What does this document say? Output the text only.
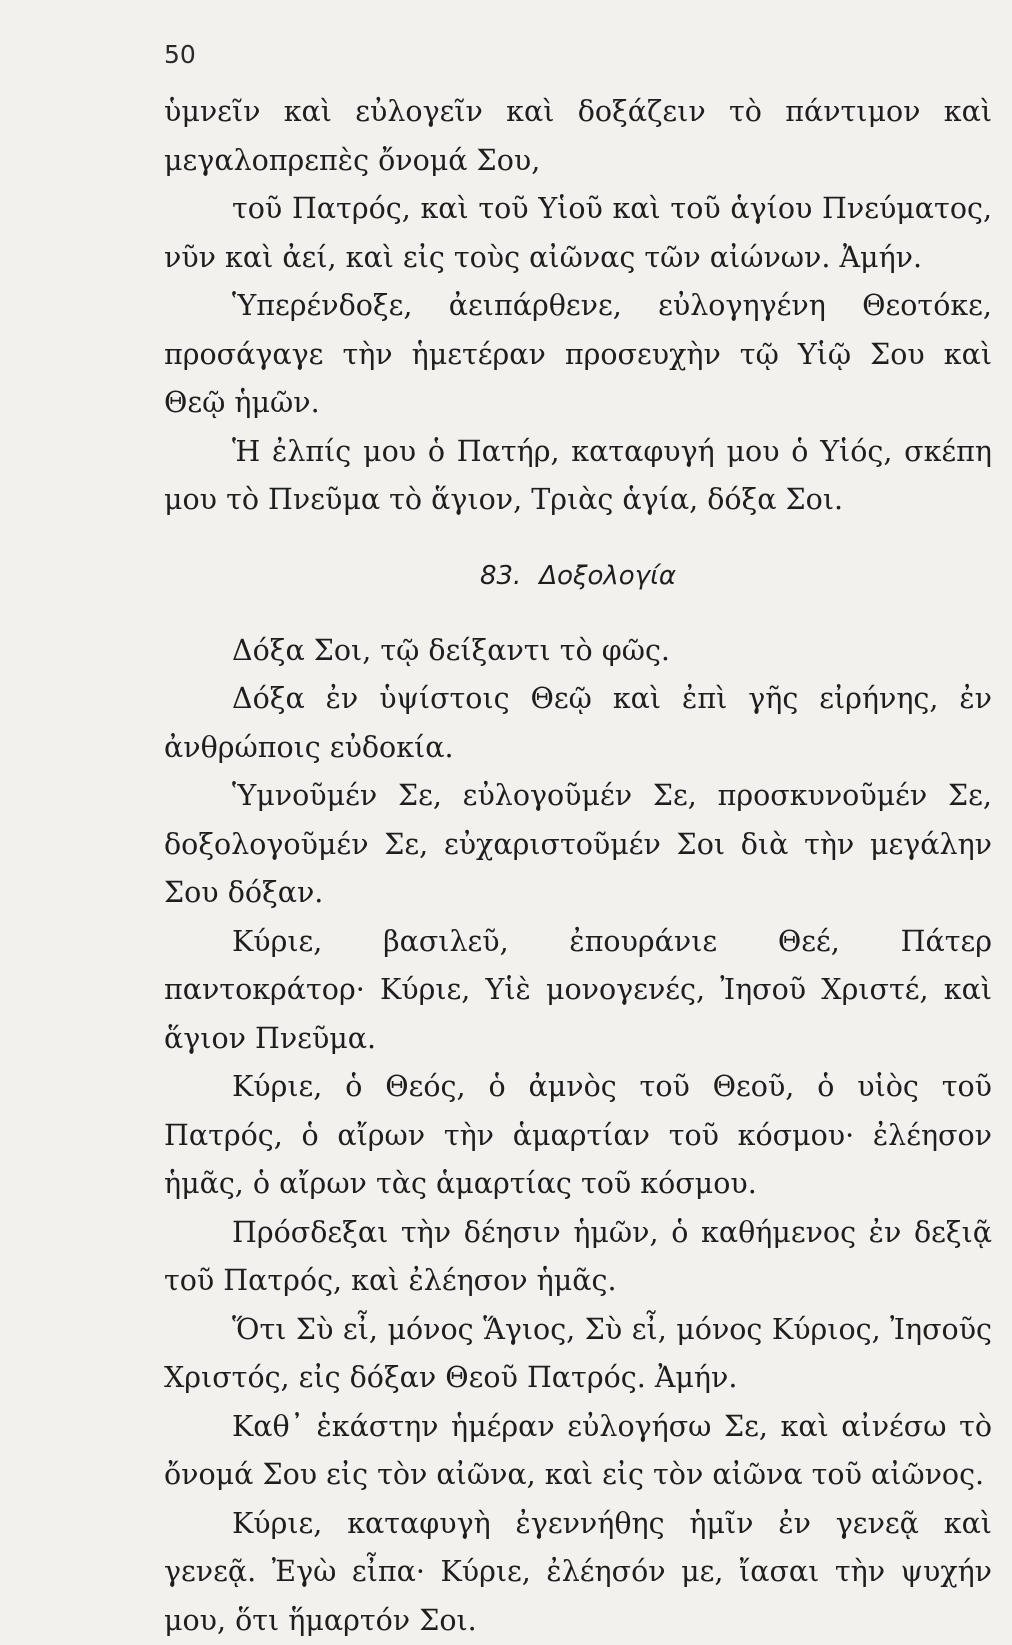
50

ὑμνεῖν καὶ εὐλογεῖν καὶ δοξάζειν τὸ πάντιμον καὶ μεγαλοπρεπὲς ὄνομά Σου,

τοῦ Πατρός, καὶ τοῦ Υἱοῦ καὶ τοῦ ἁγίου Πνεύματος, νῦν καὶ ἀεί, καὶ εἰς τοὺς αἰῶνας τῶν αἰώνων. Ἀμήν.

Ὑπερένδοξε, ἀειπάρθενε, εὐλογηγένη Θεοτόκε, προσάγαγε τὴν ἡμετέραν προσευχὴν τῷ Υἱῷ Σου καὶ Θεῷ ἡμῶν.

Ἡ ἐλπίς μου ὁ Πατήρ, καταφυγή μου ὁ Υἱός, σκέπη μου τὸ Πνεῦμα τὸ ἅγιον, Τριὰς ἁγία, δόξα Σοι.

83. Δοξολογία

Δόξα Σοι, τῷ δείξαντι τὸ φῶς.

Δόξα ἐν ὑψίστοις Θεῷ καὶ ἐπὶ γῆς εἰρήνης, ἐν ἀνθρώποις εὐδοκία.

Ὑμνοῦμέν Σε, εὐλογοῦμέν Σε, προσκυνοῦμέν Σε, δοξολογοῦμέν Σε, εὐχαριστοῦμέν Σοι διὰ τὴν μεγάλην Σου δόξαν.

Κύριε, βασιλεῦ, ἐπουράνιε Θεέ, Πάτερ παντοκράτορ· Κύριε, Υἱὲ μονογενές, Ἰησοῦ Χριστέ, καὶ ἅγιον Πνεῦμα.

Κύριε, ὁ Θεός, ὁ ἀμνὸς τοῦ Θεοῦ, ὁ υἱὸς τοῦ Πατρός, ὁ αἴρων τὴν ἁμαρτίαν τοῦ κόσμου· ἐλέησον ἡμᾶς, ὁ αἴρων τὰς ἁμαρτίας τοῦ κόσμου.

Πρόσδεξαι τὴν δέησιν ἡμῶν, ὁ καθήμενος ἐν δεξιᾷ τοῦ Πατρός, καὶ ἐλέησον ἡμᾶς.

Ὅτι Σὺ εἶ, μόνος Ἅγιος, Σὺ εἶ, μόνος Κύριος, Ἰησοῦς Χριστός, εἰς δόξαν Θεοῦ Πατρός. Ἀμήν.

Καθ᾽ ἑκάστην ἡμέραν εὐλογήσω Σε, καὶ αἰνέσω τὸ ὄνομά Σου εἰς τὸν αἰῶνα, καὶ εἰς τὸν αἰῶνα τοῦ αἰῶνος.

Κύριε, καταφυγὴ ἐγεννήθης ἡμῖν ἐν γενεᾷ καὶ γενεᾷ. Ἐγὼ εἶπα· Κύριε, ἐλέησόν με, ἴασαι τὴν ψυχήν μου, ὅτι ἥμαρτόν Σοι.
